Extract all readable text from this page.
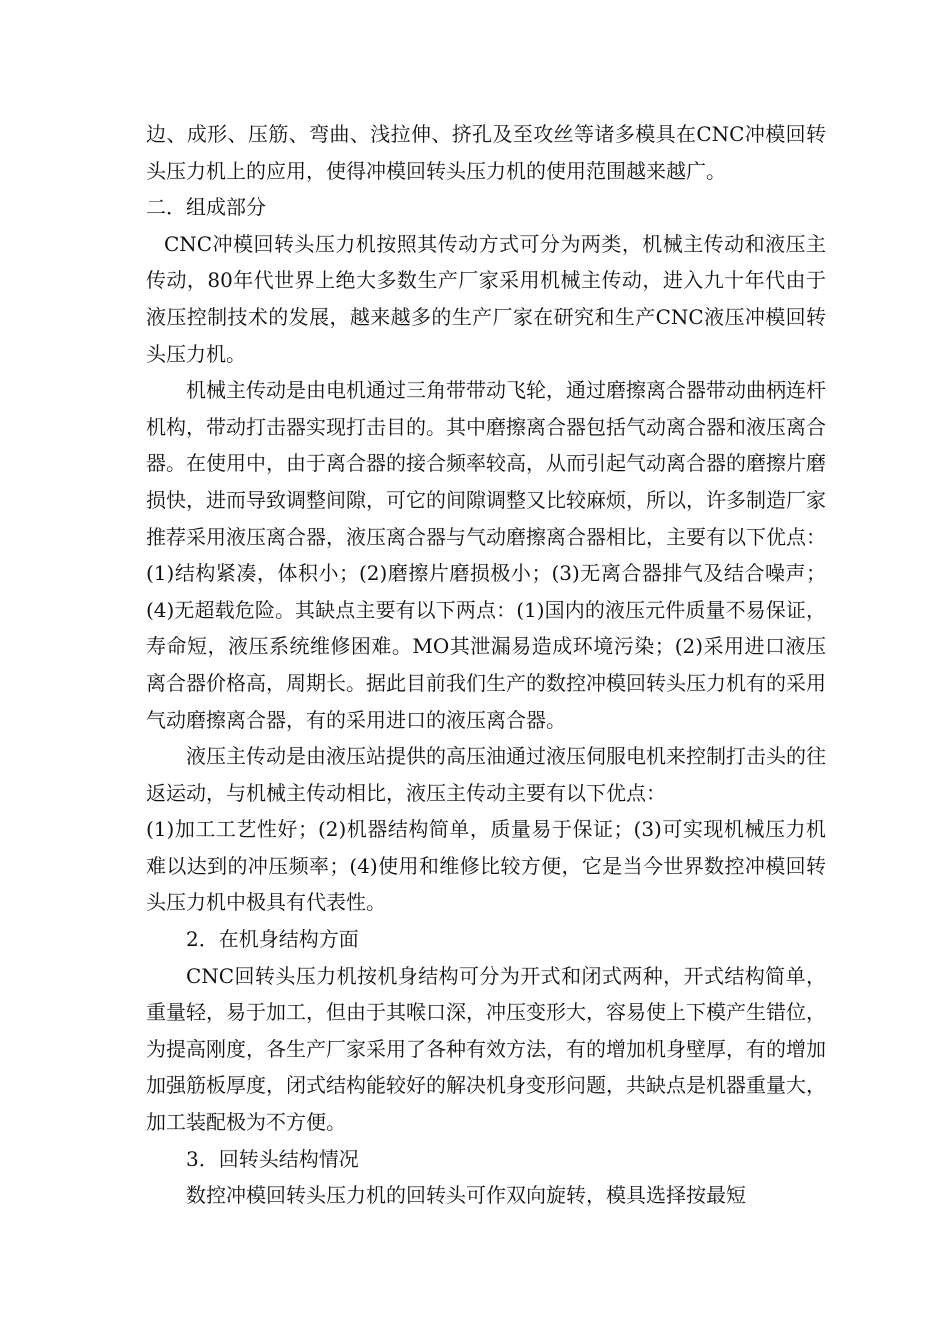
边、成形、压筋、弯曲、浅拉伸、挤孔及至攻丝等诸多模具在CNC冲模回转头压力机上的应用，使得冲模回转头压力机的使用范围越来越广。

二．组成部分

CNC冲模回转头压力机按照其传动方式可分为两类，机械主传动和液压主传动，80年代世界上绝大多数生产厂家采用机械主传动，进入九十年代由于液压控制技术的发展，越来越多的生产厂家在研究和生产CNC液压冲模回转头压力机。

机械主传动是由电机通过三角带带动飞轮，通过磨擦离合器带动曲柄连杆机构，带动打击器实现打击目的。其中磨擦离合器包括气动离合器和液压离合器。在使用中，由于离合器的接合频率较高，从而引起气动离合器的磨擦片磨损快，进而导致调整间隙，可它的间隙调整又比较麻烦，所以，许多制造厂家推荐采用液压离合器，液压离合器与气动磨擦离合器相比，主要有以下优点：(1)结构紧凑，体积小；(2)磨擦片磨损极小；(3)无离合器排气及结合噪声；(4)无超载危险。其缺点主要有以下两点：(1)国内的液压元件质量不易保证，寿命短，液压系统维修困难。MO其泄漏易造成环境污染；(2)采用进口液压离合器价格高，周期长。据此目前我们生产的数控冲模回转头压力机有的采用气动磨擦离合器，有的采用进口的液压离合器。

液压主传动是由液压站提供的高压油通过液压伺服电机来控制打击头的往返运动，与机械主传动相比，液压主传动主要有以下优点：

(1)加工工艺性好；(2)机器结构简单，质量易于保证；(3)可实现机械压力机难以达到的冲压频率；(4)使用和维修比较方便，它是当今世界数控冲模回转头压力机中极具有代表性。

2．在机身结构方面

CNC回转头压力机按机身结构可分为开式和闭式两种，开式结构简单，重量轻，易于加工，但由于其喉口深，冲压变形大，容易使上下模产生错位，为提高刚度，各生产厂家采用了各种有效方法，有的增加机身壁厚，有的增加加强筋板厚度，闭式结构能较好的解决机身变形问题，共缺点是机器重量大，加工装配极为不方便。

3．回转头结构情况

数控冲模回转头压力机的回转头可作双向旋转，模具选择按最短
